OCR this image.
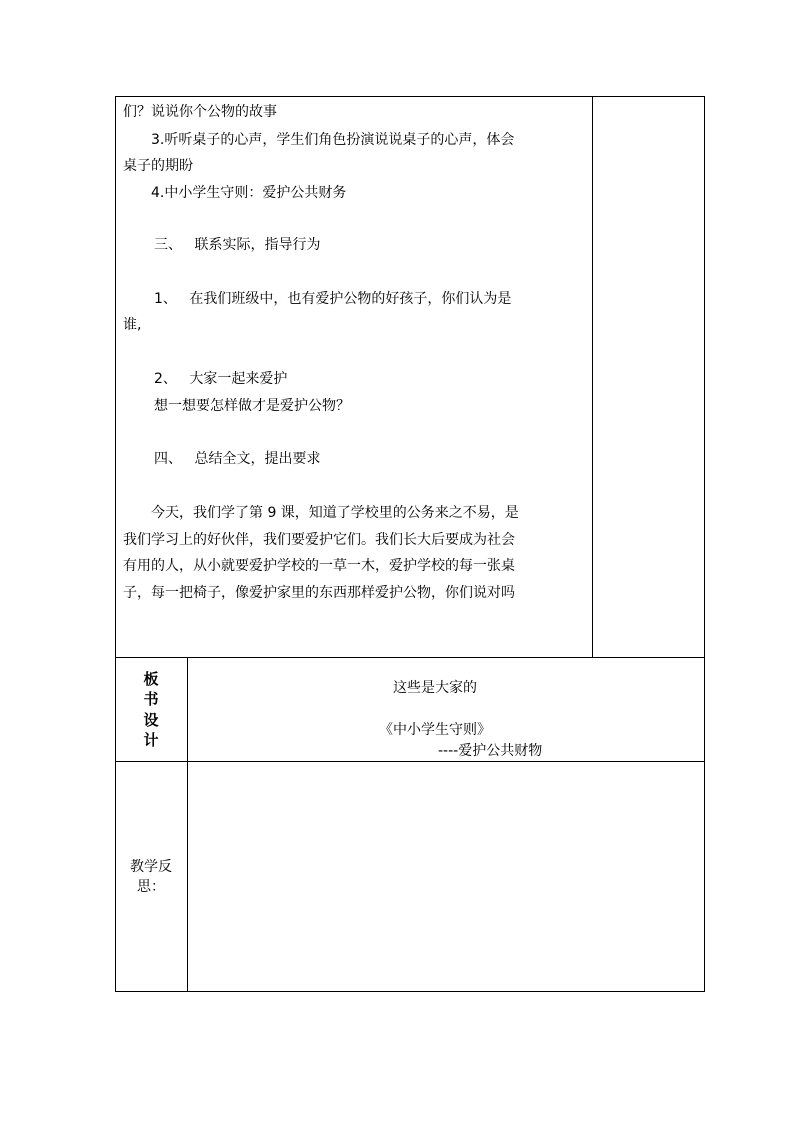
们？说说你个公物的故事
3.听听桌子的心声，学生们角色扮演说说桌子的心声，体会
桌子的期盼
4.中小学生守则：爱护公共财务
三、 联系实际，指导行为
1、 在我们班级中，也有爱护公物的好孩子，你们认为是
谁,
2、 大家一起来爱护
想一想要怎样做才是爱护公物？
四、 总结全文，提出要求
今天，我们学了第 9 课，知道了学校里的公务来之不易，是
我们学习上的好伙伴，我们要爱护它们。我们长大后要成为社会
有用的人，从小就要爱护学校的一草一木，爱护学校的每一张桌
子，每一把椅子，像爱护家里的东西那样爱护公物，你们说对吗
板
书
设
计
这些是大家的
《中小学生守则》
----爱护公共财物
教学反
思：
